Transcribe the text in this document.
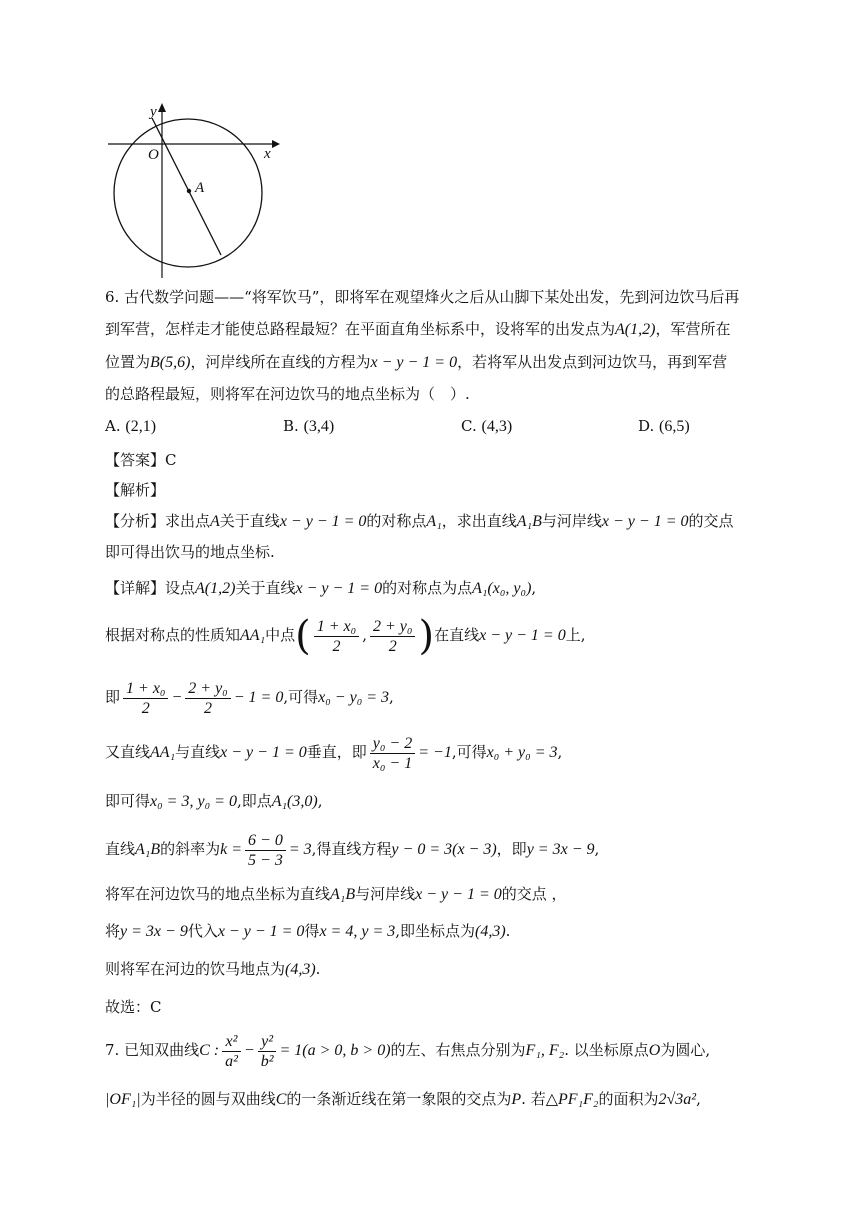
y
x
O
A
6. 古代数学问题——“将军饮马”，即将军在观望烽火之后从山脚下某处出发，先到河边饮马后再
到军营，怎样走才能使总路程最短？在平面直角坐标系中，设将军的出发点为A(1,2)，军营所在
位置为B(5,6)，河岸线所在直线的方程为x − y − 1 = 0，若将军从出发点到河边饮马，再到军营
的总路程最短，则将军在河边饮马的地点坐标为（　）.
A. (2,1)	B. (3,4)	C. (4,3)	D. (6,5)
【答案】C
【解析】
【分析】求出点A关于直线x − y − 1 = 0的对称点A₁，求出直线A₁B与河岸线x − y − 1 = 0的交点
即可得出饮马的地点坐标.
【详解】设点A(1,2)关于直线x − y − 1 = 0的对称点为点A₁(x₀, y₀),
根据对称点的性质知AA₁中点( $\frac{\text{1 + x₀}}{2}$ , $\frac{\text{2 + y₀}}{2}$ )在直线x − y − 1 = 0上,
即 $\frac{\text{1 + x₀}}{2} - \frac{\text{2 + y₀}}{2} - 1 = 0$,可得x₀ − y₀ = 3,
又直线AA₁与直线x − y − 1 = 0垂直，即 $\frac{\text{y₀ − 2}}{\text{x₀ − 1}} = -1$,可得x₀ + y₀ = 3,
即可得x₀ = 3, y₀ = 0,即点A₁(3,0),
直线A₁B的斜率为$k = \frac{6 - 0}{5 - 3} = 3$,得直线方程y − 0 = 3(x − 3)，即y = 3x − 9,
将军在河边饮马的地点坐标为直线A₁B与河岸线x − y − 1 = 0的交点 ，
将y = 3x − 9代入x − y − 1 = 0得x = 4, y = 3,即坐标点为(4,3).
则将军在河边的饮马地点为(4,3).
故选：C
7. 已知双曲线C : $\frac{\text{x²}}{\text{a²}} - \frac{\text{y²}}{\text{b²}} = 1(a > 0$, b > 0)的左、右焦点分别为F₁, F₂. 以坐标原点O为圆心,
|OF₁|为半径的圆与双曲线C的一条渐近线在第一象限的交点为P. 若△PF₁F₂的面积为2√3a²,
